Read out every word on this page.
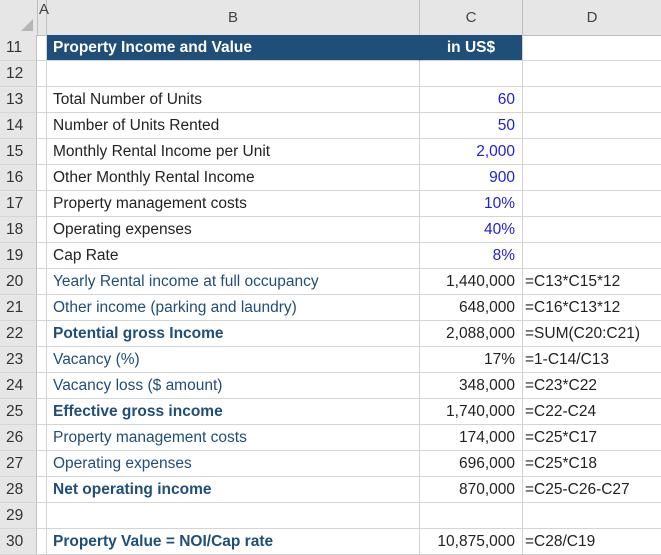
A	B	C	D
11	Property Income and Value	in US$
12
13	Total Number of Units	60
14	Number of Units Rented	50
15	Monthly Rental Income per Unit	2,000
16	Other Monthly Rental Income	900
17	Property management costs	10%
18	Operating expenses	40%
19	Cap Rate	8%
20	Yearly Rental income at full occupancy	1,440,000 =C13*C15*12
21	Other income (parking and laundry)	648,000 =C16*C13*12
22	Potential gross Income	2,088,000 =SUM(C20:C21)
23	Vacancy (%)	17% =1-C14/C13
24	Vacancy loss ($ amount)	348,000 =C23*C22
25	Effective gross income	1,740,000 =C22-C24
26	Property management costs	174,000 =C25*C17
27	Operating expenses	696,000 =C25*C18
28	Net operating income	870,000 =C25-C26-C27
29
30	Property Value = NOI/Cap rate	10,875,000 =C28/C19
